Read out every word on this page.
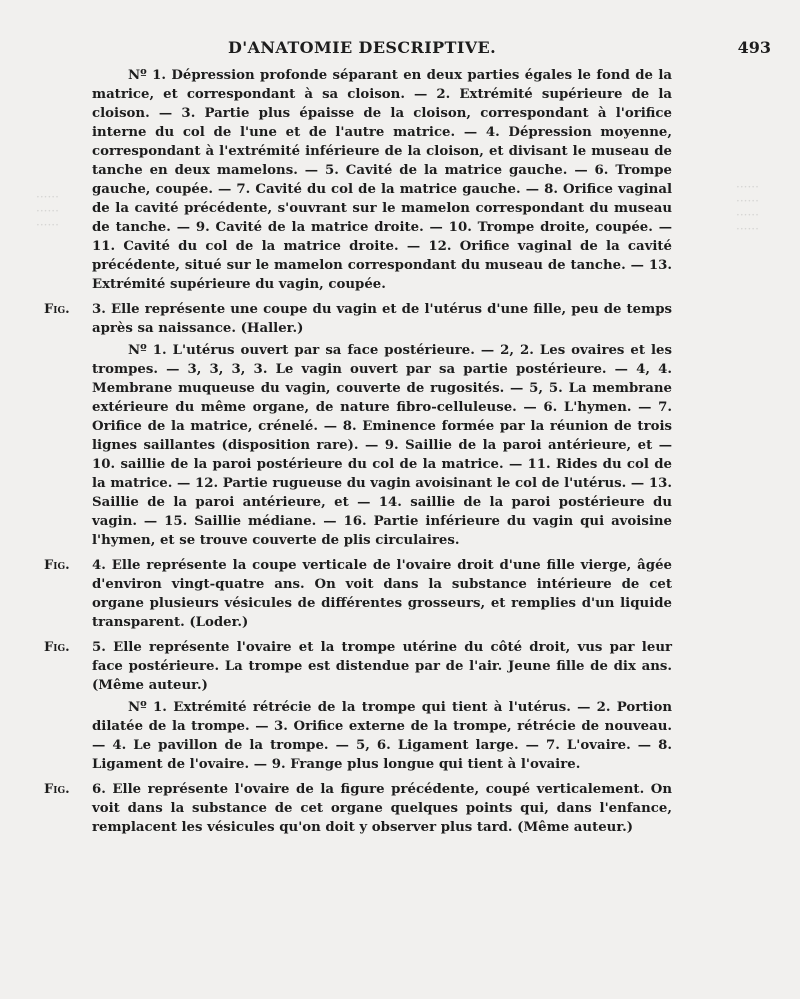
D'ANATOMIE DESCRIPTIVE.	493
······
······
······
······
······
······
······

Nº 1. Dépression profonde séparant en deux parties égales le fond de la matrice, et correspondant à sa cloison. — 2. Extrémité supérieure de la cloison. — 3. Partie plus épaisse de la cloison, correspondant à l'orifice interne du col de l'une et de l'autre matrice. — 4. Dépression moyenne, correspondant à l'extrémité inférieure de la cloison, et divisant le museau de tanche en deux mamelons. — 5. Cavité de la matrice gauche. — 6. Trompe gauche, coupée. — 7. Cavité du col de la matrice gauche. — 8. Orifice vaginal de la cavité précédente, s'ouvrant sur le mamelon correspondant du museau de tanche. — 9. Cavité de la matrice droite. — 10. Trompe droite, coupée. — 11. Cavité du col de la matrice droite. — 12. Orifice vaginal de la cavité précédente, situé sur le mamelon correspondant du museau de tanche. — 13. Extrémité supérieure du vagin, coupée.

Fig. 3. Elle représente une coupe du vagin et de l'utérus d'une fille, peu de temps après sa naissance. (Haller.)

Nº 1. L'utérus ouvert par sa face postérieure. — 2, 2. Les ovaires et les trompes. — 3, 3, 3, 3. Le vagin ouvert par sa partie postérieure. — 4, 4. Membrane muqueuse du vagin, couverte de rugosités. — 5, 5. La membrane extérieure du même organe, de nature fibro-celluleuse. — 6. L'hymen. — 7. Orifice de la matrice, crénelé. — 8. Eminence formée par la réunion de trois lignes saillantes (disposition rare). — 9. Saillie de la paroi antérieure, et — 10. saillie de la paroi postérieure du col de la matrice. — 11. Rides du col de la matrice. — 12. Partie rugueuse du vagin avoisinant le col de l'utérus. — 13. Saillie de la paroi antérieure, et — 14. saillie de la paroi postérieure du vagin. — 15. Saillie médiane. — 16. Partie inférieure du vagin qui avoisine l'hymen, et se trouve couverte de plis circulaires.

Fig. 4. Elle représente la coupe verticale de l'ovaire droit d'une fille vierge, âgée d'environ vingt-quatre ans. On voit dans la substance intérieure de cet organe plusieurs vésicules de différentes grosseurs, et remplies d'un liquide transparent. (Loder.)

Fig. 5. Elle représente l'ovaire et la trompe utérine du côté droit, vus par leur face postérieure. La trompe est distendue par de l'air. Jeune fille de dix ans. (Même auteur.)

Nº 1. Extrémité rétrécie de la trompe qui tient à l'utérus. — 2. Portion dilatée de la trompe. — 3. Orifice externe de la trompe, rétrécie de nouveau. — 4. Le pavillon de la trompe. — 5, 6. Ligament large. — 7. L'ovaire. — 8. Ligament de l'ovaire. — 9. Frange plus longue qui tient à l'ovaire.

Fig. 6. Elle représente l'ovaire de la figure précédente, coupé verticalement. On voit dans la substance de cet organe quelques points qui, dans l'enfance, remplacent les vésicules qu'on doit y observer plus tard. (Même auteur.)
